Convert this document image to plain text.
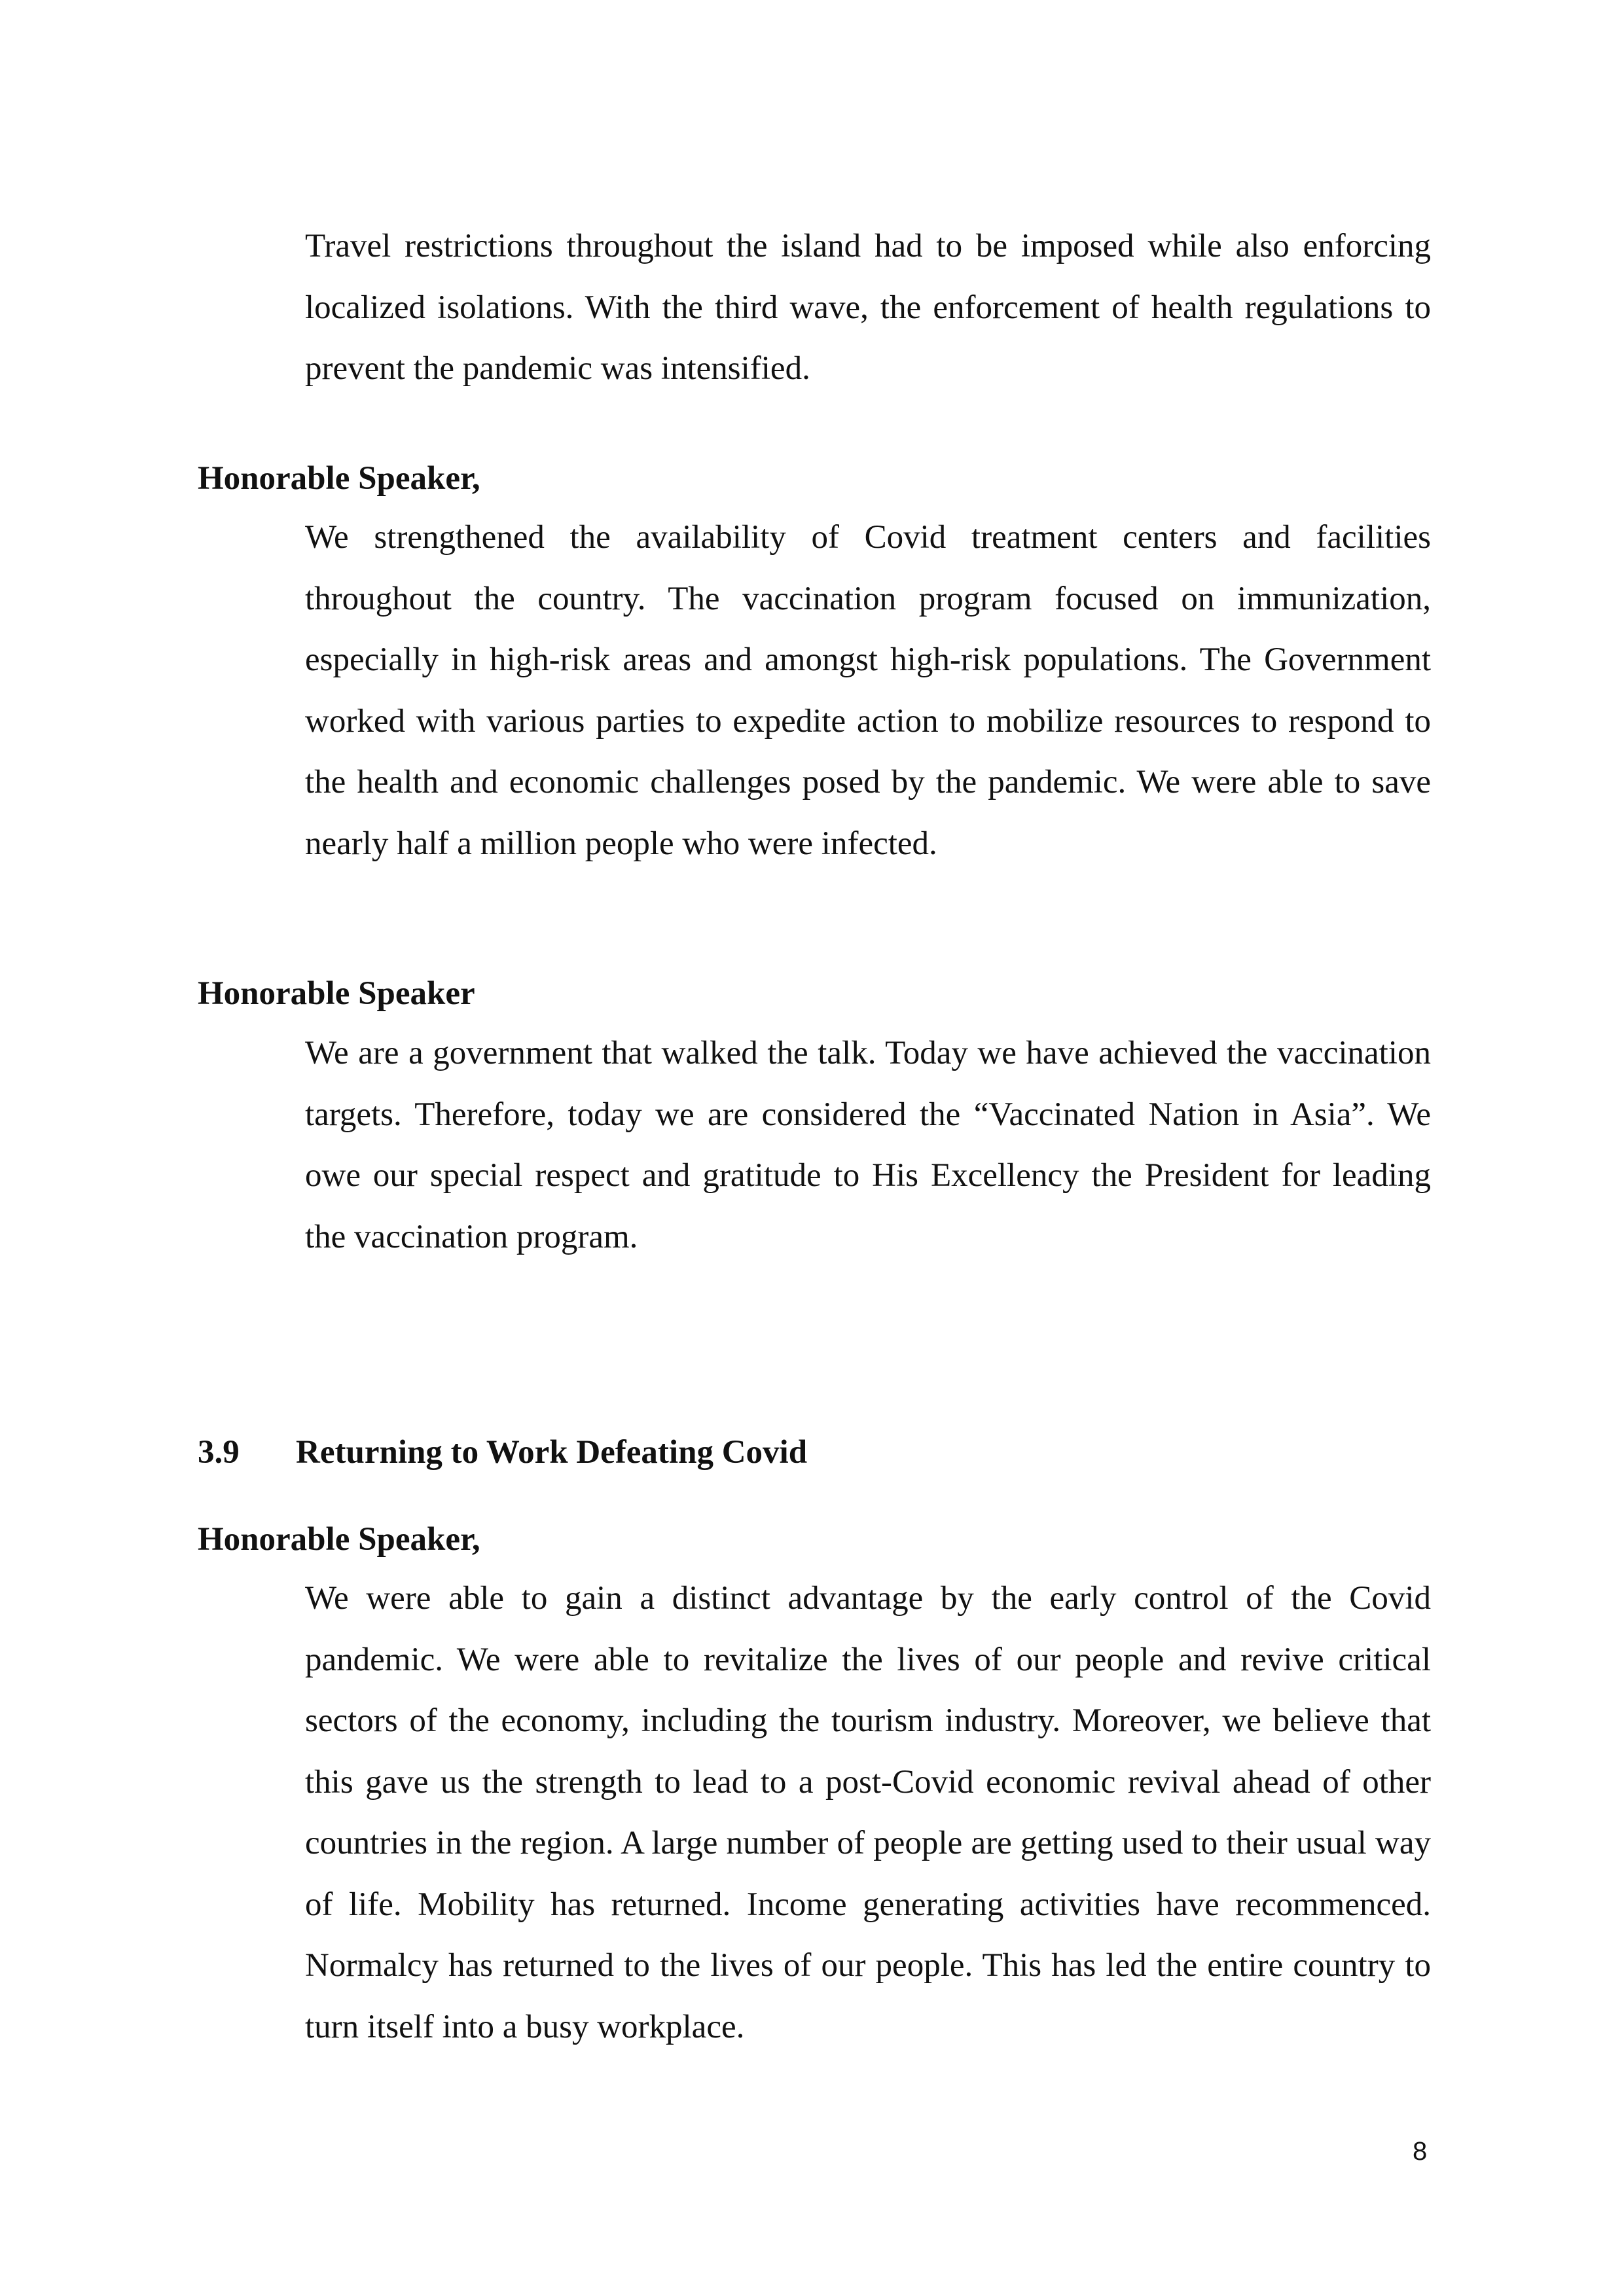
Travel restrictions throughout the island had to be imposed while also enforcing localized isolations. With the third wave, the enforcement of health regulations to prevent the pandemic was intensified.

Honorable Speaker,

We strengthened the availability of Covid treatment centers and facilities throughout the country. The vaccination program focused on immunization, especially in high-risk areas and amongst high-risk populations. The Government worked with various parties to expedite action to mobilize resources to respond to the health and economic challenges posed by the pandemic. We were able to save nearly half a million people who were infected.

Honorable Speaker

We are a government that walked the talk. Today we have achieved the vaccination targets. Therefore, today we are considered the “Vaccinated Nation in Asia”. We owe our special respect and gratitude to His Excellency the President for leading the vaccination program.

3.9 Returning to Work Defeating Covid

Honorable Speaker,

We were able to gain a distinct advantage by the early control of the Covid pandemic. We were able to revitalize the lives of our people and revive critical sectors of the economy, including the tourism industry. Moreover, we believe that this gave us the strength to lead to a post-Covid economic revival ahead of other countries in the region. A large number of people are getting used to their usual way of life. Mobility has returned. Income generating activities have recommenced. Normalcy has returned to the lives of our people. This has led the entire country to turn itself into a busy workplace.

8
